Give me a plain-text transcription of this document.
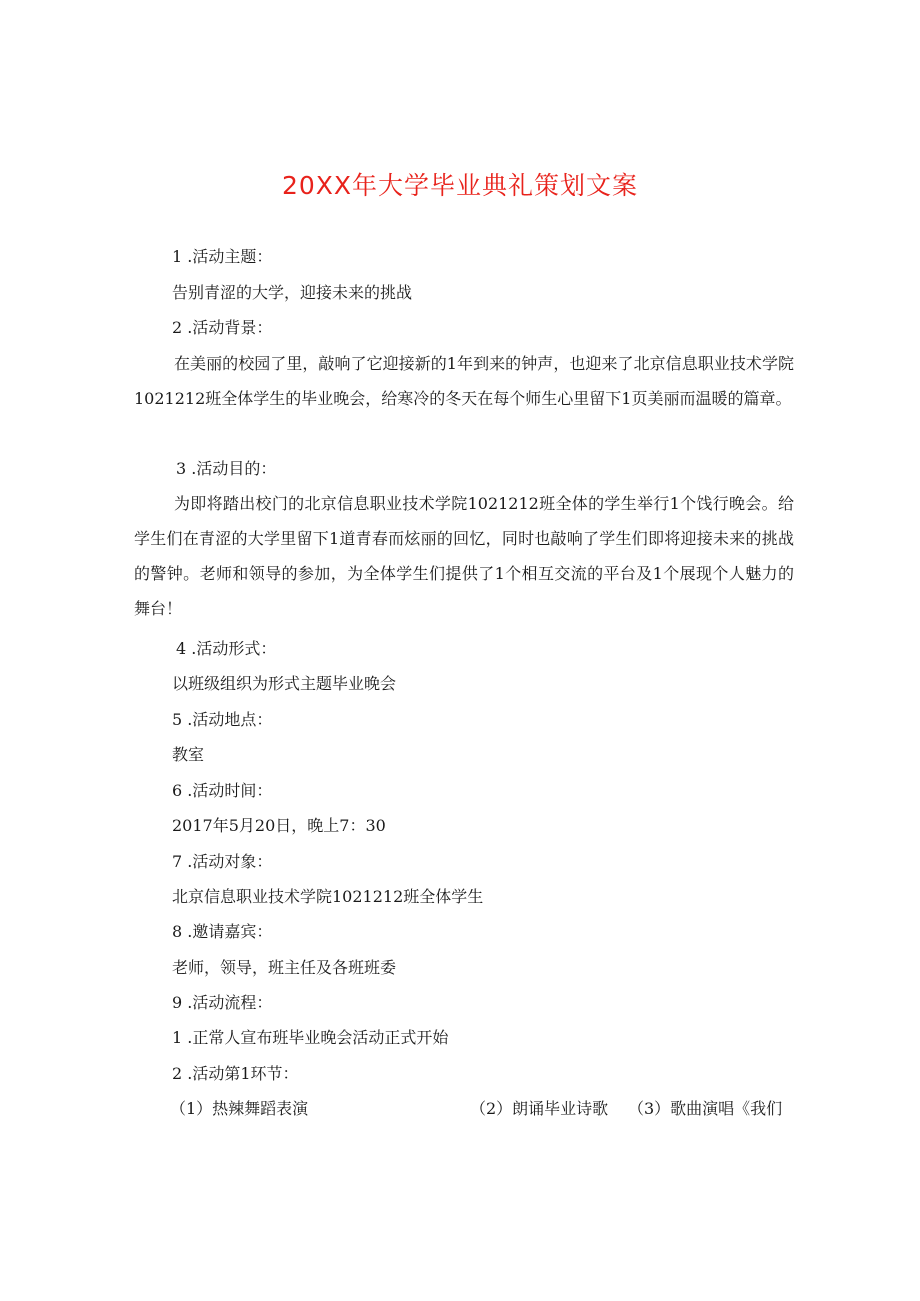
20XX年大学毕业典礼策划文案

1 .活动主题：

告别青涩的大学，迎接未来的挑战

2 .活动背景：

在美丽的校园了里，敲响了它迎接新的1年到来的钟声，也迎来了北京信息职业技术学院1021212班全体学生的毕业晚会，给寒冷的冬天在每个师生心里留下1页美丽而温暖的篇章。

3 .活动目的：

为即将踏出校门的北京信息职业技术学院1021212班全体的学生举行1个饯行晚会。给学生们在青涩的大学里留下1道青春而炫丽的回忆，同时也敲响了学生们即将迎接未来的挑战的警钟。老师和领导的参加，为全体学生们提供了1个相互交流的平台及1个展现个人魅力的舞台！

4 .活动形式：

以班级组织为形式主题毕业晚会

5 .活动地点：

教室

6 .活动时间：

2017年5月20日，晚上7：30

7 .活动对象：

北京信息职业技术学院1021212班全体学生

8 .邀请嘉宾：

老师，领导，班主任及各班班委

9 .活动流程：

1 .正常人宣布班毕业晚会活动正式开始

2 .活动第1环节：

（1）热辣舞蹈表演	（2）朗诵毕业诗歌 （3）歌曲演唱《我们
